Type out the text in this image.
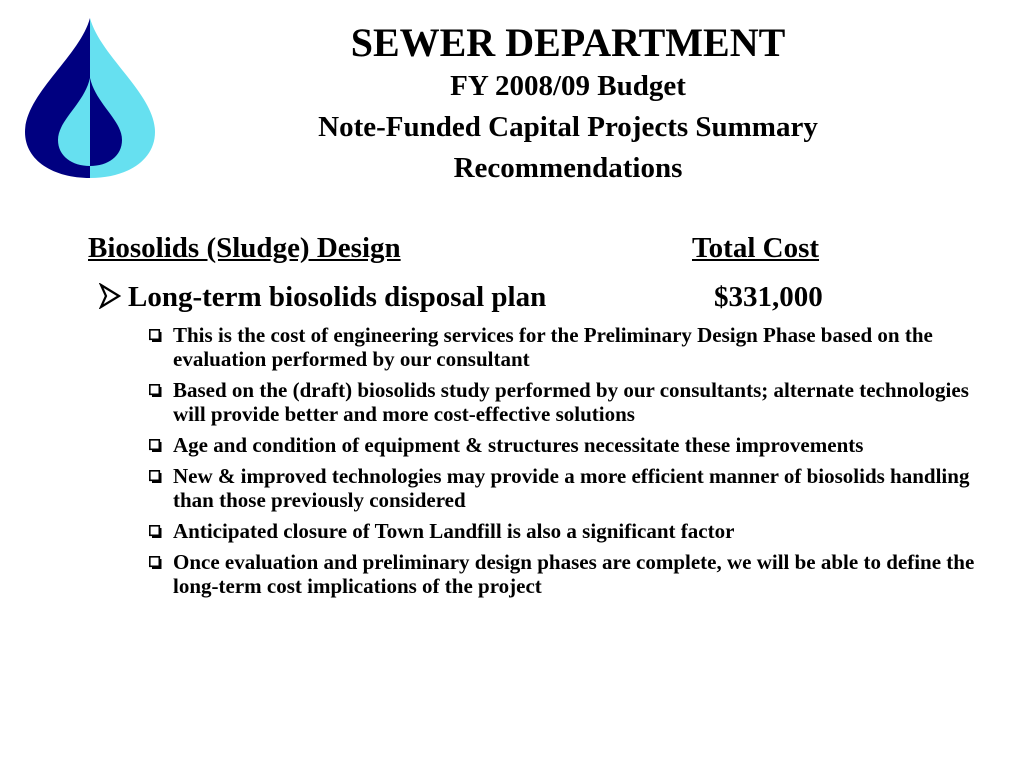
SEWER DEPARTMENT
FY 2008/09 Budget
Note-Funded Capital Projects Summary
Recommendations
Biosolids (Sludge) Design	Total Cost
Long-term biosolids disposal plan	$331,000
This is the cost of engineering services for the Preliminary Design Phase based on the evaluation performed by our consultant
Based on the (draft) biosolids study performed by our consultants; alternate technologies will provide better and more cost-effective solutions
Age and condition of equipment & structures necessitate these improvements
New & improved technologies may provide a more efficient manner of biosolids handling than those previously considered
Anticipated closure of Town Landfill is also a significant factor
Once evaluation and preliminary design phases are complete, we will be able to define the long-term cost implications of the project
